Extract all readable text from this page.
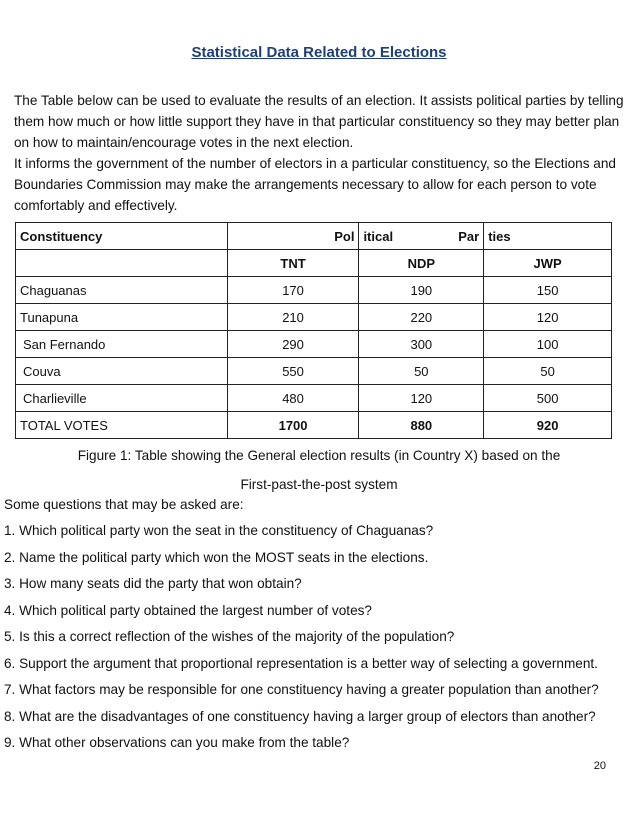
Statistical Data Related to Elections

The Table below can be used to evaluate the results of an election. It assists political parties by telling them how much or how little support they have in that particular constituency so they may better plan on how to maintain/encourage votes in the next election.

It informs the government of the number of electors in a particular constituency, so the Elections and Boundaries Commission may make the arrangements necessary to allow for each person to vote comfortably and effectively.

Constituency	Pol	itical Par	ties
	TNT	NDP	JWP
Chaguanas	170	190	150
Tunapuna	210	220	120
San Fernando	290	300	100
Couva	550	50	50
Charlieville	480	120	500
TOTAL VOTES	1700	880	920
Figure 1: Table showing the General election results (in Country X) based on the
First-past-the-post system
Some questions that may be asked are:
1. Which political party won the seat in the constituency of Chaguanas?
2. Name the political party which won the MOST seats in the elections.
3. How many seats did the party that won obtain?
4. Which political party obtained the largest number of votes?
5. Is this a correct reflection of the wishes of the majority of the population?
6. Support the argument that proportional representation is a better way of selecting a government.
7. What factors may be responsible for one constituency having a greater population than another?
8. What are the disadvantages of one constituency having a larger group of electors than another?
9. What other observations can you make from the table?
20
